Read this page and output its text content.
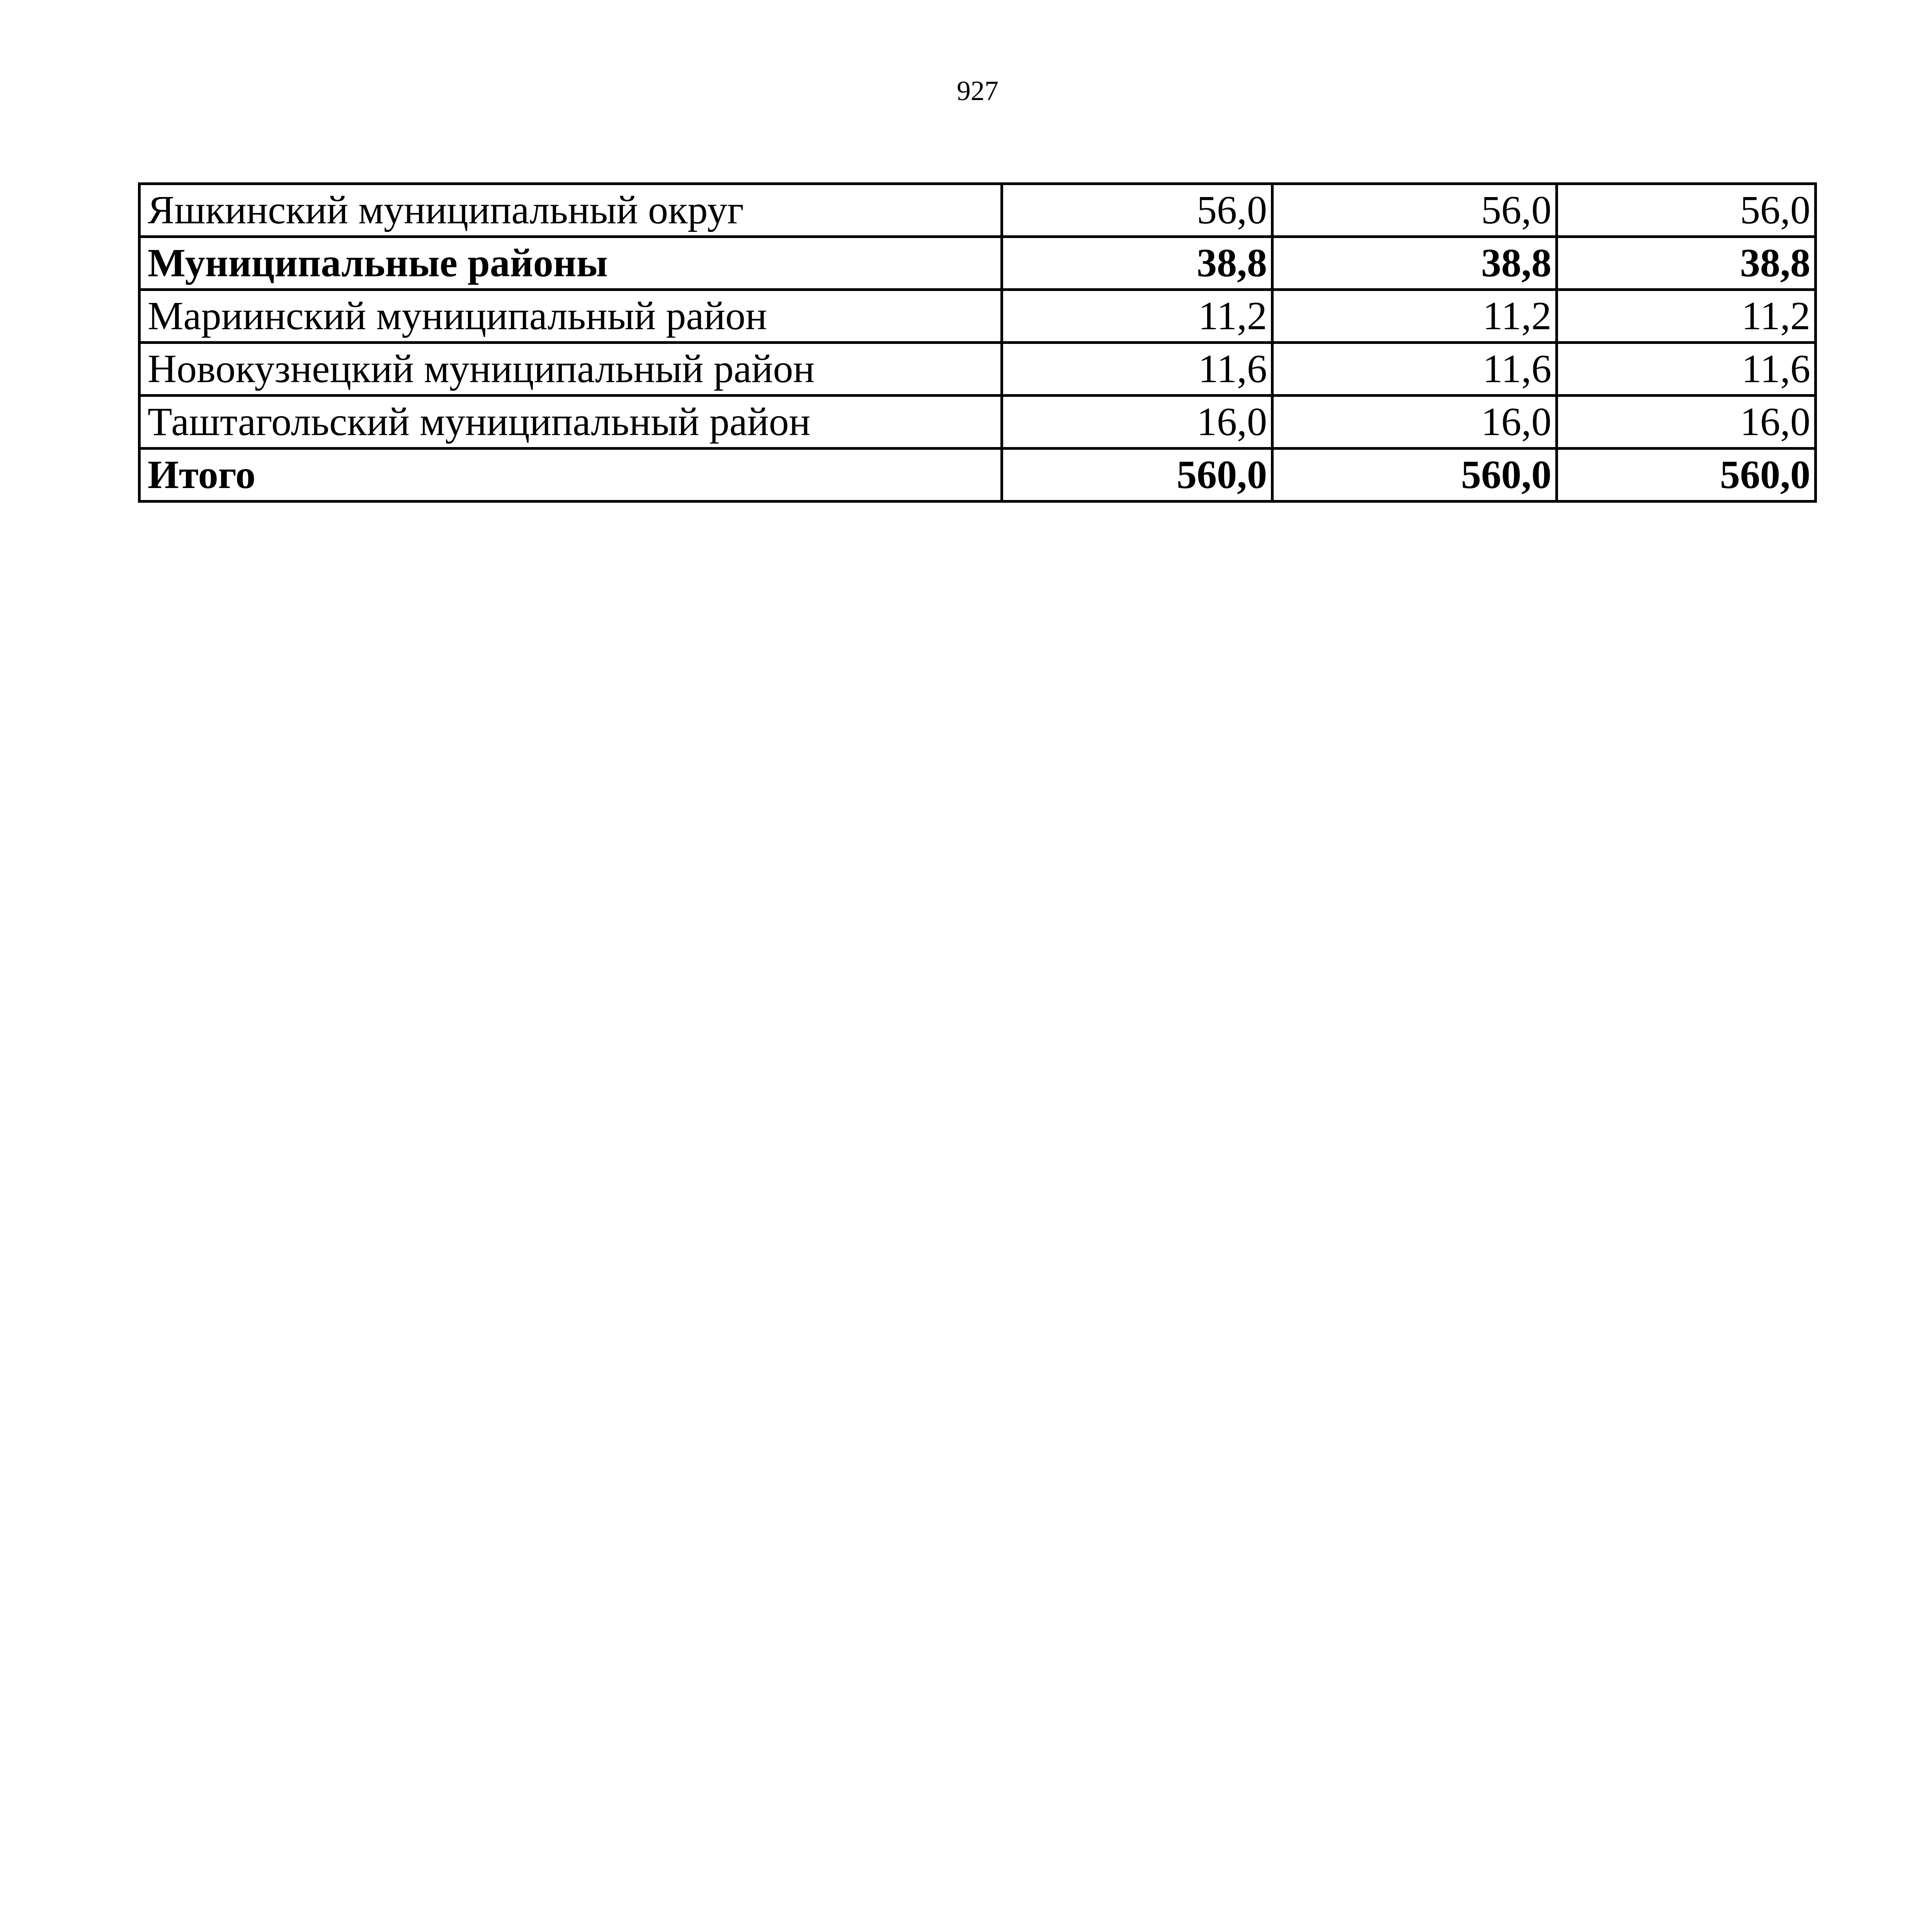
927
Яшкинский муниципальный округ	56,0	56,0	56,0
Муниципальные районы	38,8	38,8	38,8
Мариинский муниципальный район	11,2	11,2	11,2
Новокузнецкий муниципальный район	11,6	11,6	11,6
Таштагольский муниципальный район	16,0	16,0	16,0
Итого	560,0	560,0	560,0
